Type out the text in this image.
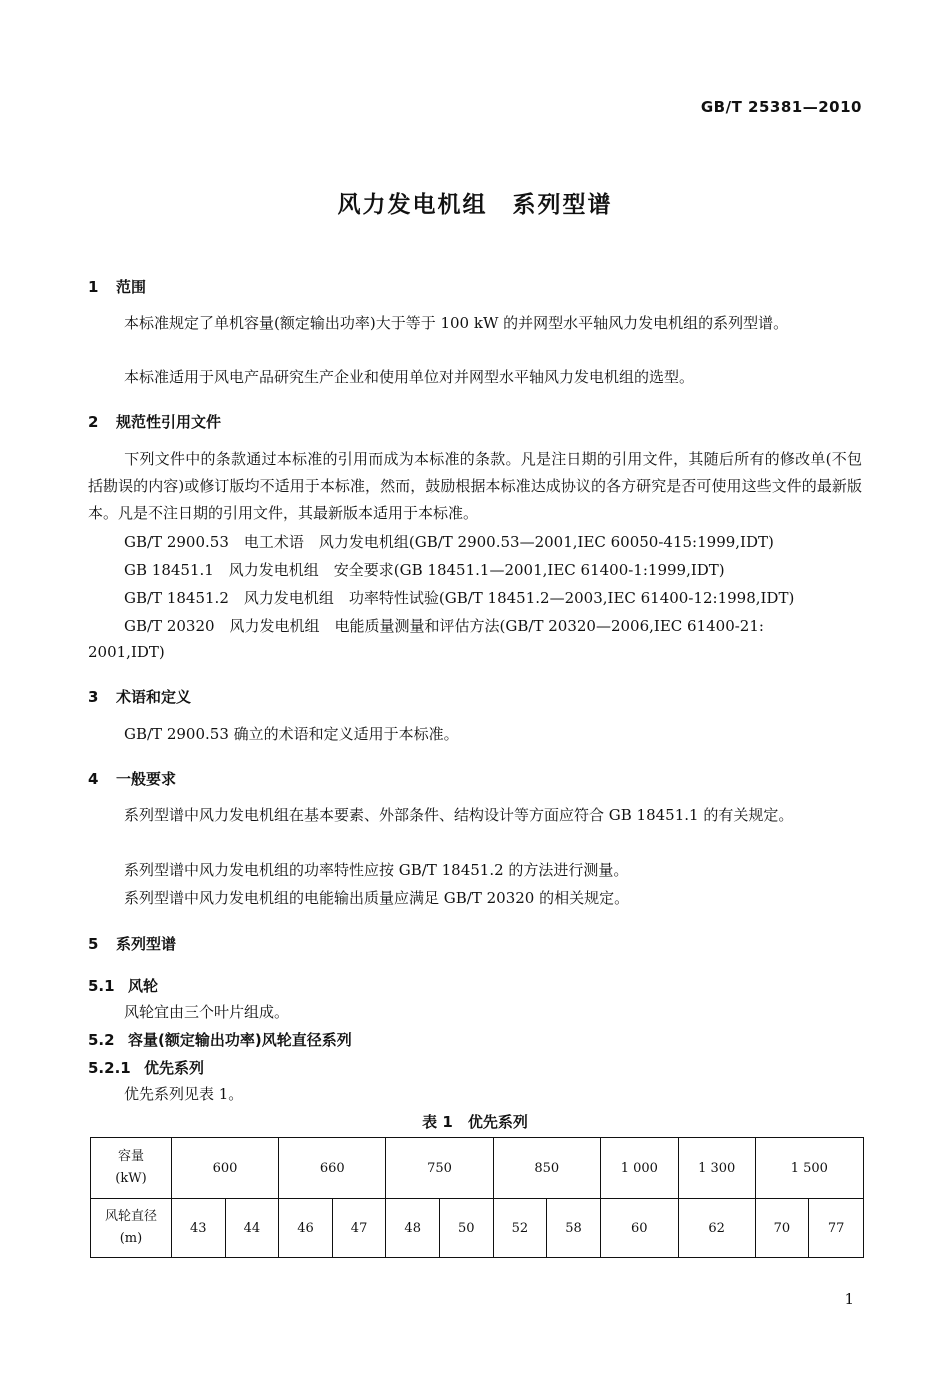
GB/T 25381—2010
风力发电机组　系列型谱
1 范围
本标准规定了单机容量(额定输出功率)大于等于 100 kW 的并网型水平轴风力发电机组的系列型谱。
本标准适用于风电产品研究生产企业和使用单位对并网型水平轴风力发电机组的选型。
2 规范性引用文件
下列文件中的条款通过本标准的引用而成为本标准的条款。凡是注日期的引用文件，其随后所有的修改单(不包括勘误的内容)或修订版均不适用于本标准，然而，鼓励根据本标准达成协议的各方研究是否可使用这些文件的最新版本。凡是不注日期的引用文件，其最新版本适用于本标准。
GB/T 2900.53　电工术语　风力发电机组(GB/T 2900.53—2001,IEC 60050-415:1999,IDT)
GB 18451.1　风力发电机组　安全要求(GB 18451.1—2001,IEC 61400-1:1999,IDT)
GB/T 18451.2　风力发电机组　功率特性试验(GB/T 18451.2—2003,IEC 61400-12:1998,IDT)
GB/T 20320　风力发电机组　电能质量测量和评估方法(GB/T 20320—2006,IEC 61400-21:
2001,IDT)
3 术语和定义
GB/T 2900.53 确立的术语和定义适用于本标准。
4 一般要求
系列型谱中风力发电机组在基本要素、外部条件、结构设计等方面应符合 GB 18451.1 的有关规定。
系列型谱中风力发电机组的功率特性应按 GB/T 18451.2 的方法进行测量。
系列型谱中风力发电机组的电能输出质量应满足 GB/T 20320 的相关规定。
5 系列型谱
5.1 风轮
风轮宜由三个叶片组成。
5.2 容量(额定输出功率)风轮直径系列
5.2.1 优先系列
优先系列见表 1。
表 1　优先系列
容量
(kW)	600		660		750		850		1 000	1 300	1 500	

风轮直径
(m)	43	44	46	47	48	50	52	58	60	62	70	77
1
